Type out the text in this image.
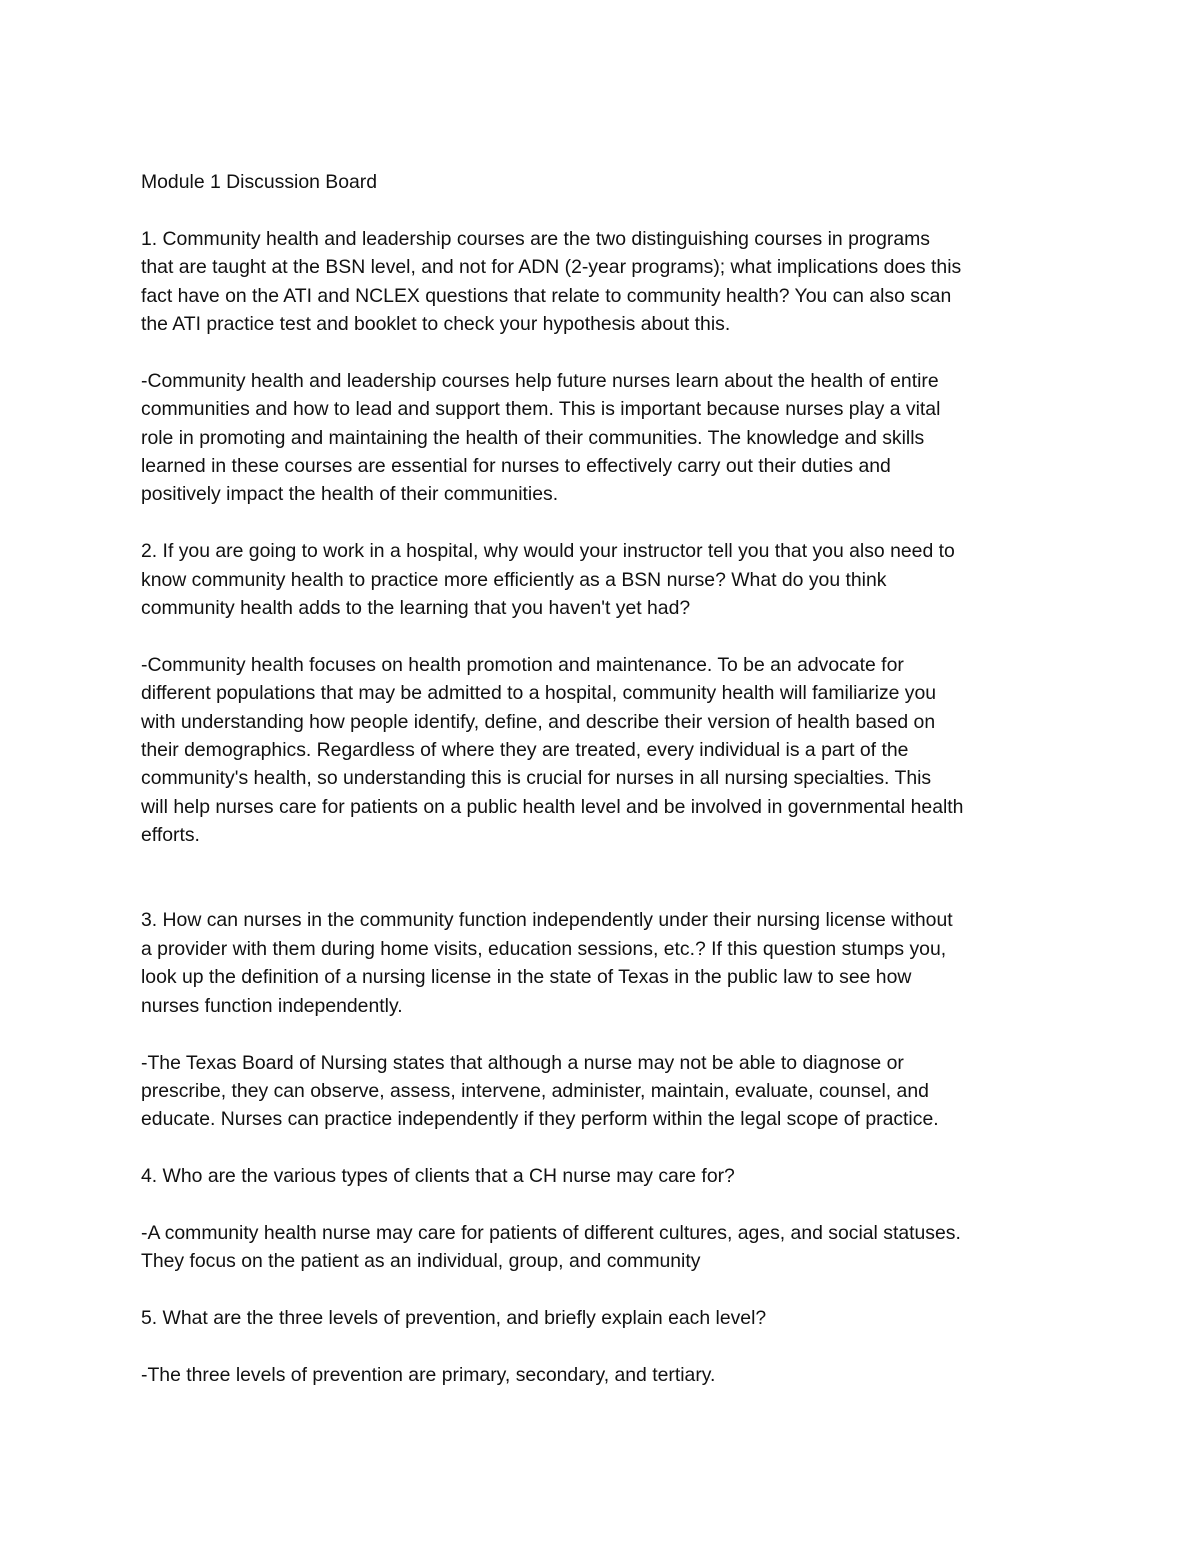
Module 1 Discussion Board

1. Community health and leadership courses are the two distinguishing courses in programs
that are taught at the BSN level, and not for ADN (2-year programs); what implications does this
fact have on the ATI and NCLEX questions that relate to community health? You can also scan
the ATI practice test and booklet to check your hypothesis about this.

-Community health and leadership courses help future nurses learn about the health of entire
communities and how to lead and support them. This is important because nurses play a vital
role in promoting and maintaining the health of their communities. The knowledge and skills
learned in these courses are essential for nurses to effectively carry out their duties and
positively impact the health of their communities.

2. If you are going to work in a hospital, why would your instructor tell you that you also need to
know community health to practice more efficiently as a BSN nurse? What do you think
community health adds to the learning that you haven't yet had?

-Community health focuses on health promotion and maintenance. To be an advocate for
different populations that may be admitted to a hospital, community health will familiarize you
with understanding how people identify, define, and describe their version of health based on
their demographics. Regardless of where they are treated, every individual is a part of the
community's health, so understanding this is crucial for nurses in all nursing specialties. This
will help nurses care for patients on a public health level and be involved in governmental health
efforts.

3. How can nurses in the community function independently under their nursing license without
a provider with them during home visits, education sessions, etc.? If this question stumps you,
look up the definition of a nursing license in the state of Texas in the public law to see how
nurses function independently.

-The Texas Board of Nursing states that although a nurse may not be able to diagnose or
prescribe, they can observe, assess, intervene, administer, maintain, evaluate, counsel, and
educate. Nurses can practice independently if they perform within the legal scope of practice.

4. Who are the various types of clients that a CH nurse may care for?

-A community health nurse may care for patients of different cultures, ages, and social statuses.
They focus on the patient as an individual, group, and community

5. What are the three levels of prevention, and briefly explain each level?

-The three levels of prevention are primary, secondary, and tertiary.
